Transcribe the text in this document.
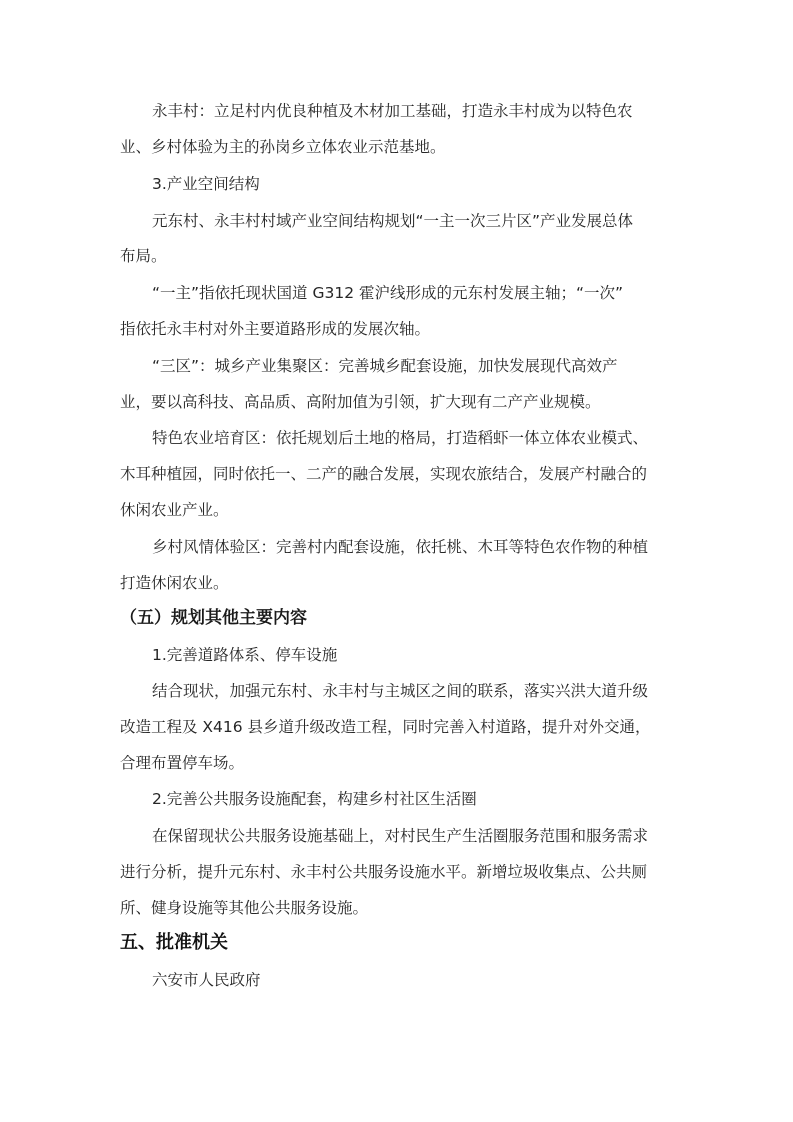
永丰村：立足村内优良种植及木材加工基础，打造永丰村成为以特色农
业、乡村体验为主的孙岗乡立体农业示范基地。
3.产业空间结构
元东村、永丰村村域产业空间结构规划“一主一次三片区”产业发展总体
布局。
“一主”指依托现状国道 G312 霍沪线形成的元东村发展主轴；“一次”
指依托永丰村对外主要道路形成的发展次轴。
“三区”：城乡产业集聚区：完善城乡配套设施，加快发展现代高效产
业，要以高科技、高品质、高附加值为引领，扩大现有二产产业规模。
特色农业培育区：依托规划后土地的格局，打造稻虾一体立体农业模式、
木耳种植园，同时依托一、二产的融合发展，实现农旅结合，发展产村融合的
休闲农业产业。
乡村风情体验区：完善村内配套设施，依托桃、木耳等特色农作物的种植
打造休闲农业。
（五）规划其他主要内容
1.完善道路体系、停车设施
结合现状，加强元东村、永丰村与主城区之间的联系，落实兴洪大道升级
改造工程及 X416 县乡道升级改造工程，同时完善入村道路，提升对外交通，
合理布置停车场。
2.完善公共服务设施配套，构建乡村社区生活圈
在保留现状公共服务设施基础上，对村民生产生活圈服务范围和服务需求
进行分析，提升元东村、永丰村公共服务设施水平。新增垃圾收集点、公共厕
所、健身设施等其他公共服务设施。
五、批准机关
六安市人民政府
